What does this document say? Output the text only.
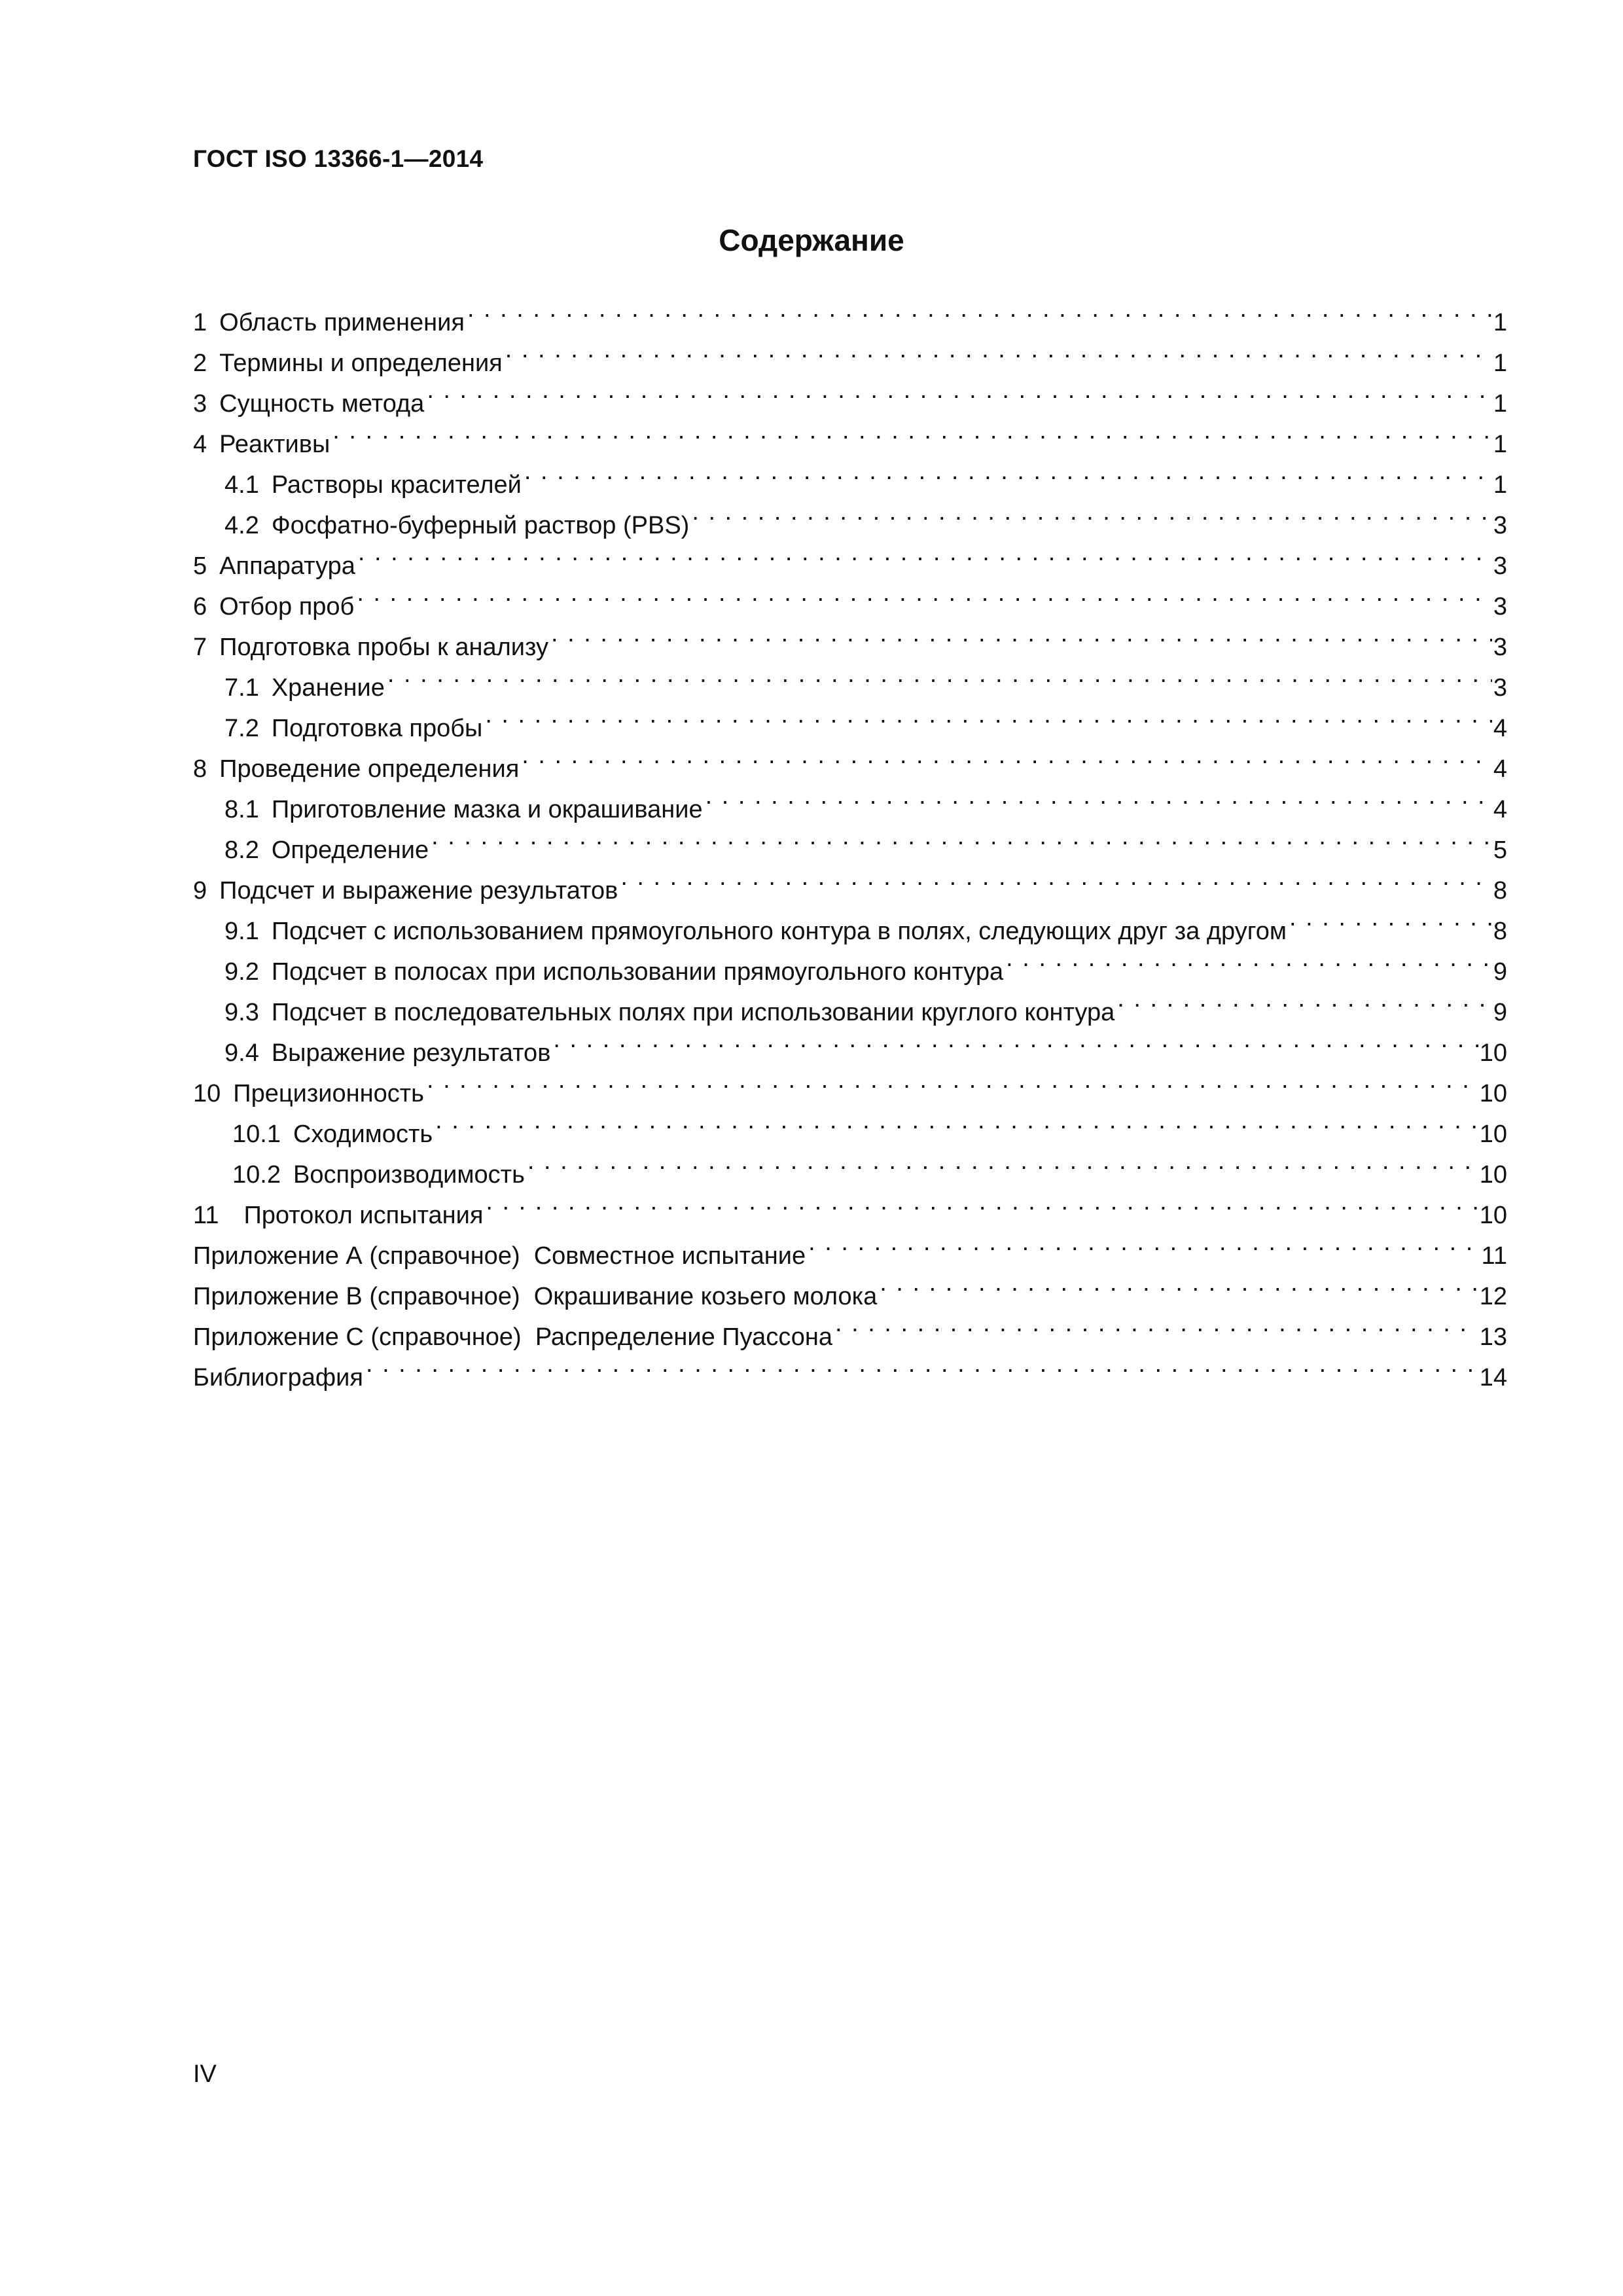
ГОСТ ISO 13366-1—2014
Содержание
1 Область применения . . .	1
2 Термины и определения . . .	1
3 Сущность метода . . .	1
4 Реактивы . . .	1
4.1 Растворы красителей . . .	1
4.2 Фосфатно-буферный раствор (PBS) . . .	3
5 Аппаратура . . .	3
6 Отбор проб . . .	3
7 Подготовка пробы к анализу . . .	3
7.1 Хранение . . .	3
7.2 Подготовка пробы . . .	4
8 Проведение определения . . .	4
8.1 Приготовление мазка и окрашивание . . .	4
8.2 Определение . . .	5
9 Подсчет и выражение результатов . . .	8
9.1 Подсчет с использованием прямоугольного контура в полях, следующих друг за другом . . .	8
9.2 Подсчет в полосах при использовании прямоугольного контура . . .	9
9.3 Подсчет в последовательных полях при использовании круглого контура . . .	9
9.4 Выражение результатов . . .	10
10 Прецизионность . . .	10
10.1 Сходимость . . .	10
10.2 Воспроизводимость . . .	10
11 Протокол испытания . . .	10
Приложение А (справочное)  Совместное испытание . . .	11
Приложение В (справочное)  Окрашивание козьего молока . . .	12
Приложение С (справочное)  Распределение Пуассона . . .	13
Библиография . . .	14
IV
